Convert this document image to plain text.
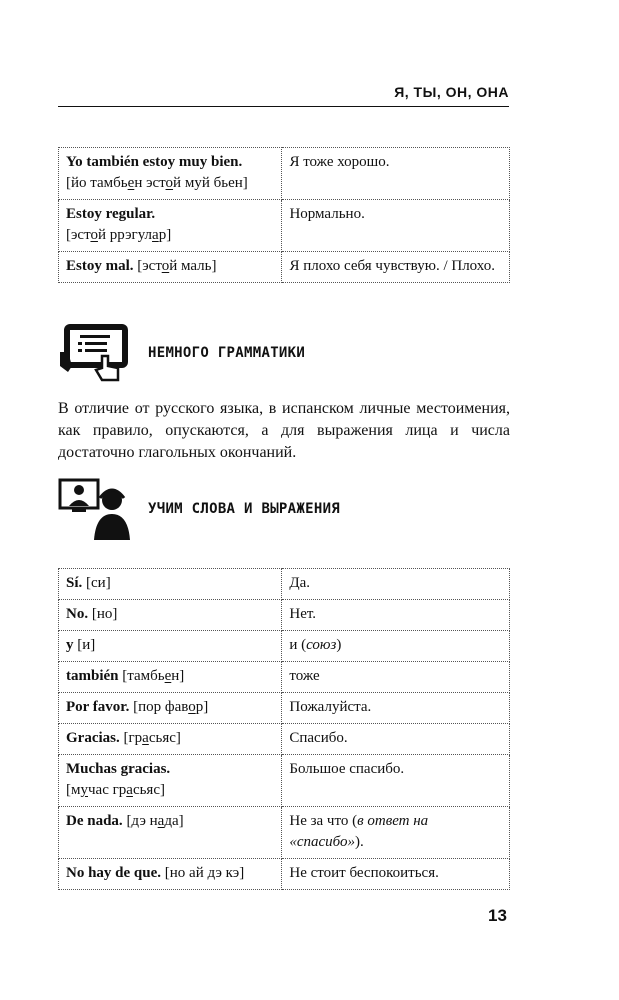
Я, ТЫ, ОН, ОНА
Yo también estoy muy bien.
[йо тамбьен эстой муй бьен]	Я тоже хорошо.
Estoy regular.
[эстой ррэгулар]	Нормально.
Estoy mal. [эстой маль]	Я плохо себя чувствую. / Плохо.
НЕМНОГО ГРАММАТИКИ
В отличие от русского языка, в испанском личные местоимения, как правило, опускаются, а для выражения лица и числа достаточно глагольных окончаний.
УЧИМ СЛОВА И ВЫРАЖЕНИЯ
Sí. [си]	Да.
No. [но]	Нет.
y [и]	и (союз)
también [тамбьен]	тоже
Por favor. [пор фавор]	Пожалуйста.
Gracias. [грасьяс]	Спасибо.
Muchas gracias.
[мучас грасьяс]	Большое спасибо.
De nada. [дэ нада]	Не за что (в ответ на «спасибо»).
No hay de que. [но ай дэ кэ]	Не стоит беспокоиться.
13
